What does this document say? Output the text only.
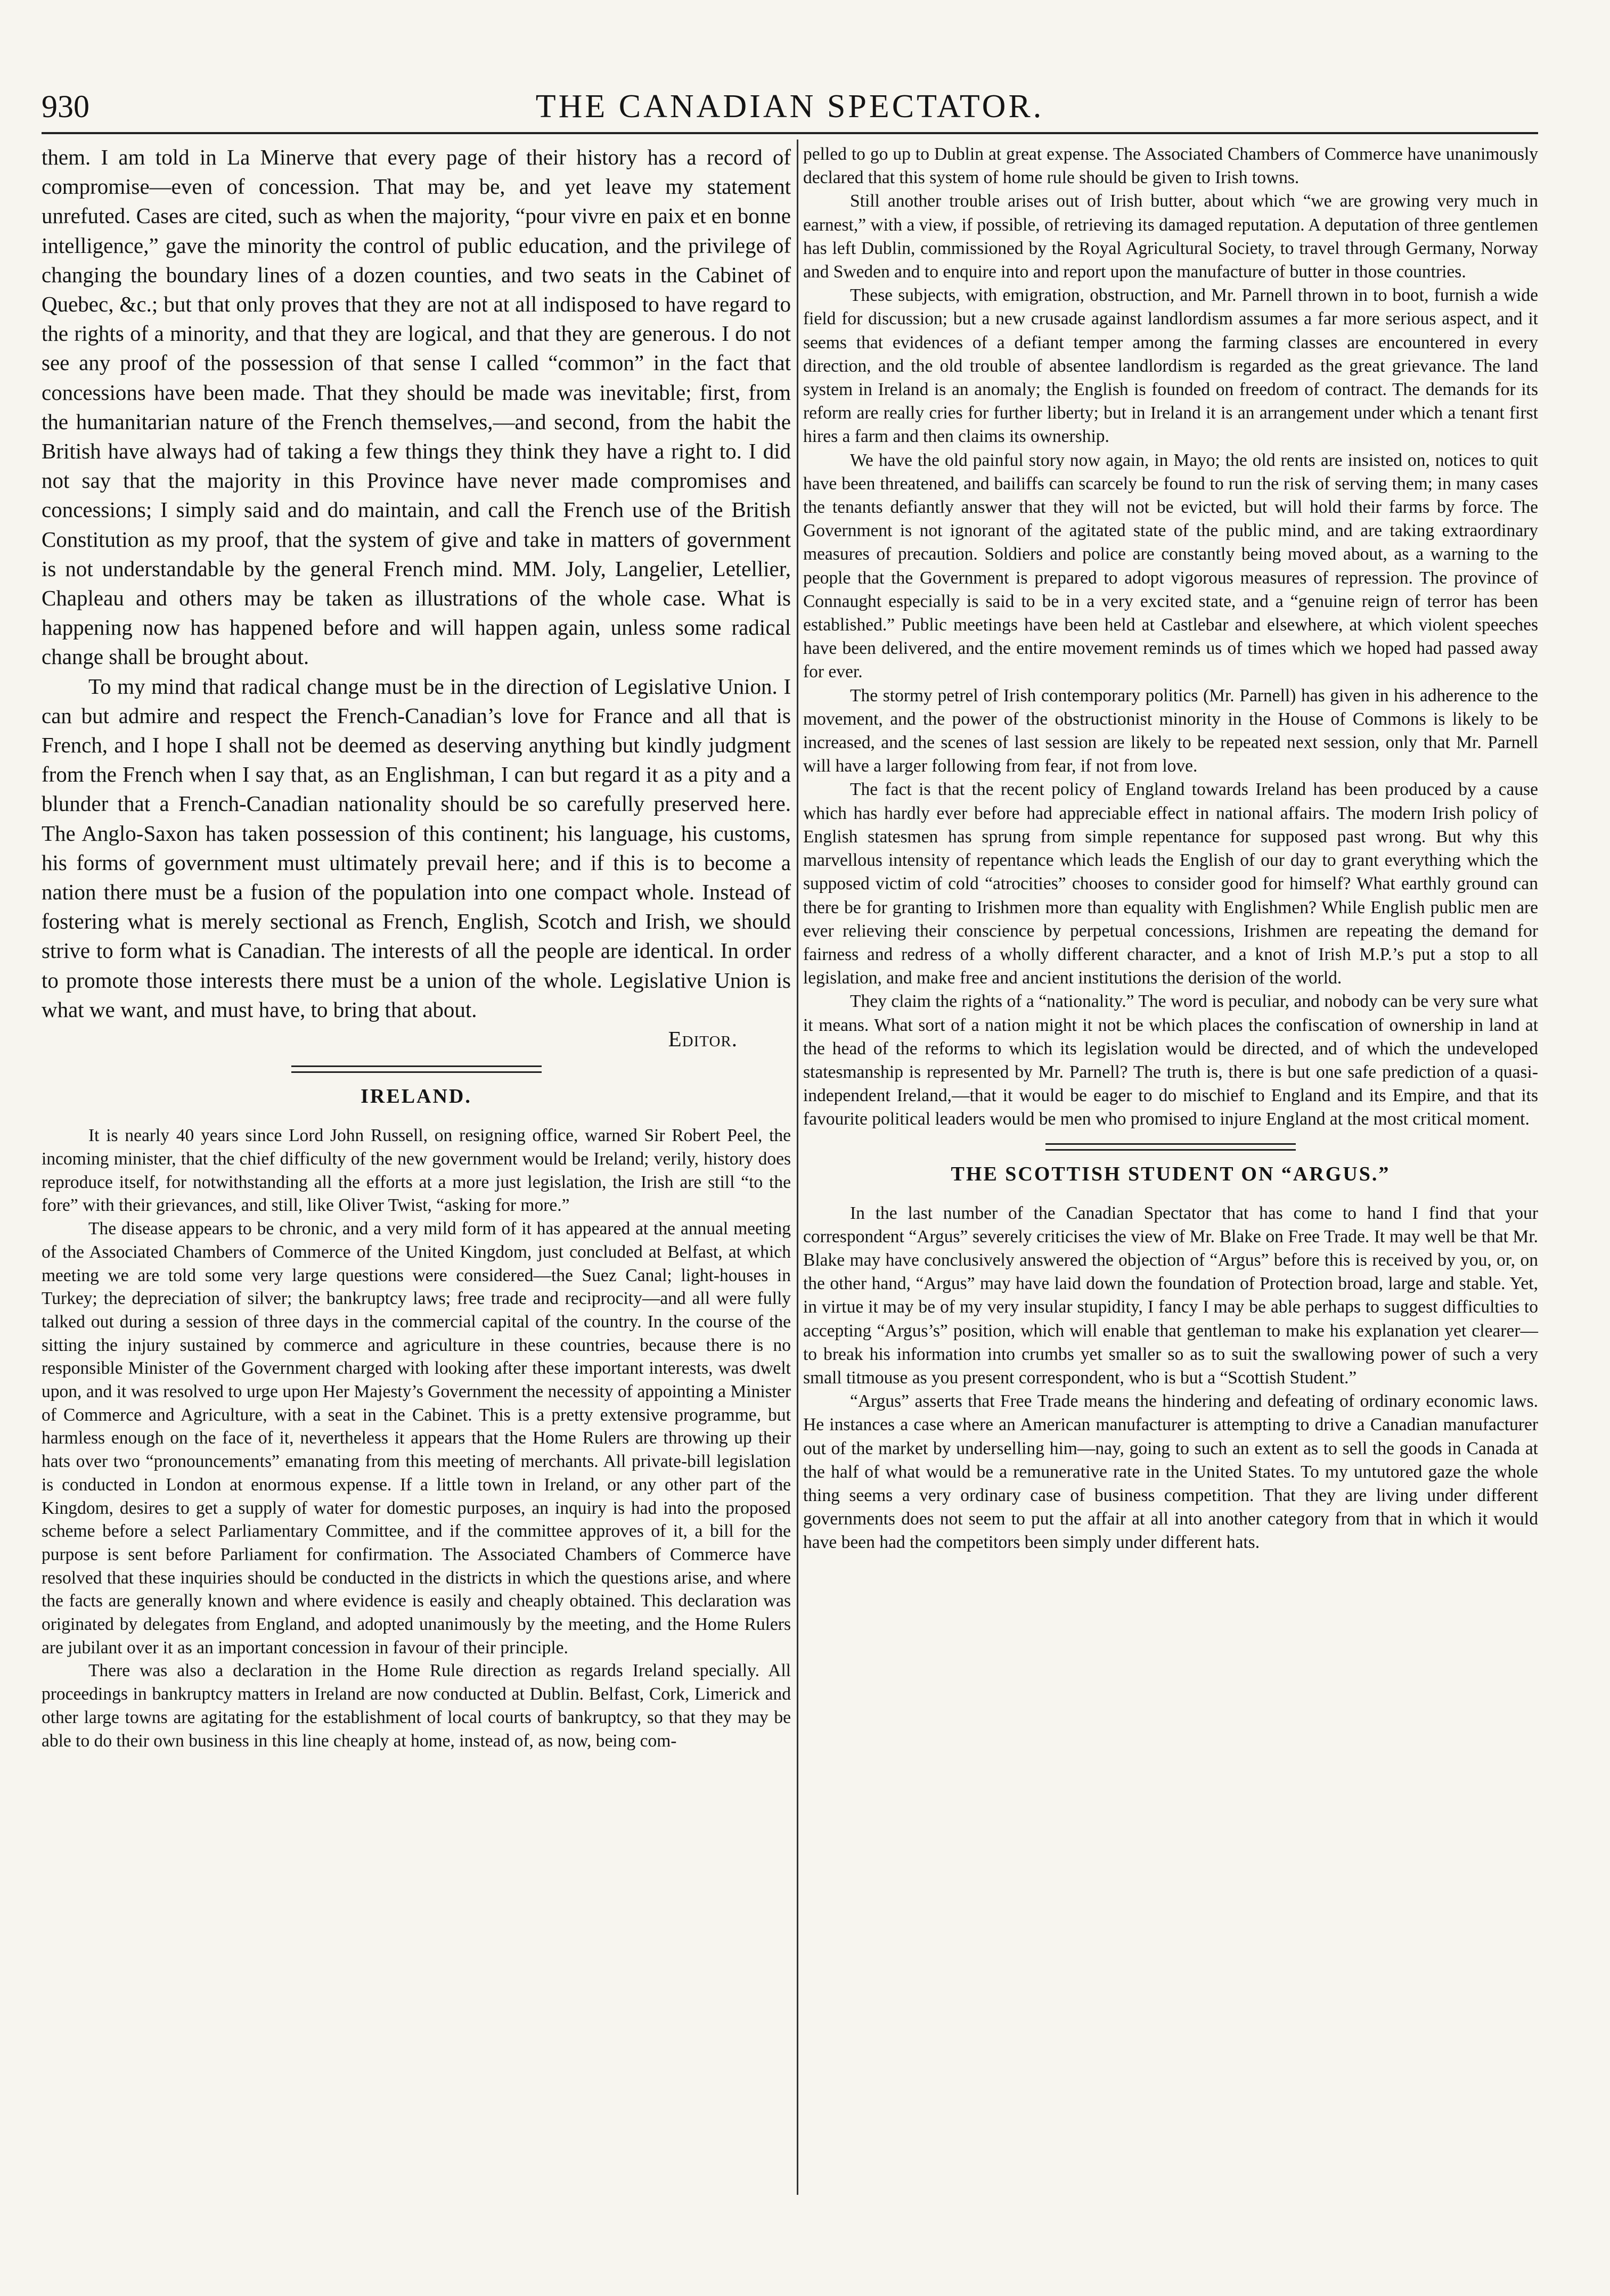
930	THE CANADIAN SPECTATOR.

them. I am told in La Minerve that every page of their history has a record of compromise—even of concession. That may be, and yet leave my statement unrefuted. Cases are cited, such as when the majority, “pour vivre en paix et en bonne intelligence,” gave the minority the control of public education, and the privilege of changing the boundary lines of a dozen counties, and two seats in the Cabinet of Quebec, &c.; but that only proves that they are not at all indisposed to have regard to the rights of a minority, and that they are logical, and that they are generous. I do not see any proof of the possession of that sense I called “common” in the fact that concessions have been made. That they should be made was inevitable; first, from the humanitarian nature of the French themselves,—and second, from the habit the British have always had of taking a few things they think they have a right to. I did not say that the majority in this Province have never made compromises and concessions; I simply said and do maintain, and call the French use of the British Constitution as my proof, that the system of give and take in matters of government is not understandable by the general French mind. MM. Joly, Langelier, Letellier, Chapleau and others may be taken as illustrations of the whole case. What is happening now has happened before and will happen again, unless some radical change shall be brought about.

To my mind that radical change must be in the direction of Legislative Union. I can but admire and respect the French-Canadian’s love for France and all that is French, and I hope I shall not be deemed as deserving anything but kindly judgment from the French when I say that, as an Englishman, I can but regard it as a pity and a blunder that a French-Canadian nationality should be so carefully preserved here. The Anglo-Saxon has taken possession of this continent; his language, his customs, his forms of government must ultimately prevail here; and if this is to become a nation there must be a fusion of the population into one compact whole. Instead of fostering what is merely sectional as French, English, Scotch and Irish, we should strive to form what is Canadian. The interests of all the people are identical. In order to promote those interests there must be a union of the whole. Legislative Union is what we want, and must have, to bring that about.

Editor.

IRELAND.

It is nearly 40 years since Lord John Russell, on resigning office, warned Sir Robert Peel, the incoming minister, that the chief difficulty of the new government would be Ireland; verily, history does reproduce itself, for notwithstanding all the efforts at a more just legislation, the Irish are still “to the fore” with their grievances, and still, like Oliver Twist, “asking for more.”

The disease appears to be chronic, and a very mild form of it has appeared at the annual meeting of the Associated Chambers of Commerce of the United Kingdom, just concluded at Belfast, at which meeting we are told some very large questions were considered—the Suez Canal; light-houses in Turkey; the depreciation of silver; the bankruptcy laws; free trade and reciprocity—and all were fully talked out during a session of three days in the commercial capital of the country. In the course of the sitting the injury sustained by commerce and agriculture in these countries, because there is no responsible Minister of the Government charged with looking after these important interests, was dwelt upon, and it was resolved to urge upon Her Majesty’s Government the necessity of appointing a Minister of Commerce and Agriculture, with a seat in the Cabinet. This is a pretty extensive programme, but harmless enough on the face of it, nevertheless it appears that the Home Rulers are throwing up their hats over two “pronouncements” emanating from this meeting of merchants. All private-bill legislation is conducted in London at enormous expense. If a little town in Ireland, or any other part of the Kingdom, desires to get a supply of water for domestic purposes, an inquiry is had into the proposed scheme before a select Parliamentary Committee, and if the committee approves of it, a bill for the purpose is sent before Parliament for confirmation. The Associated Chambers of Commerce have resolved that these inquiries should be conducted in the districts in which the questions arise, and where the facts are generally known and where evidence is easily and cheaply obtained. This declaration was originated by delegates from England, and adopted unanimously by the meeting, and the Home Rulers are jubilant over it as an important concession in favour of their principle.

There was also a declaration in the Home Rule direction as regards Ireland specially. All proceedings in bankruptcy matters in Ireland are now conducted at Dublin. Belfast, Cork, Limerick and other large towns are agitating for the establishment of local courts of bankruptcy, so that they may be able to do their own business in this line cheaply at home, instead of, as now, being com-

pelled to go up to Dublin at great expense. The Associated Chambers of Commerce have unanimously declared that this system of home rule should be given to Irish towns.

Still another trouble arises out of Irish butter, about which “we are growing very much in earnest,” with a view, if possible, of retrieving its damaged reputation. A deputation of three gentlemen has left Dublin, commissioned by the Royal Agricultural Society, to travel through Germany, Norway and Sweden and to enquire into and report upon the manufacture of butter in those countries.

These subjects, with emigration, obstruction, and Mr. Parnell thrown in to boot, furnish a wide field for discussion; but a new crusade against landlordism assumes a far more serious aspect, and it seems that evidences of a defiant temper among the farming classes are encountered in every direction, and the old trouble of absentee landlordism is regarded as the great grievance. The land system in Ireland is an anomaly; the English is founded on freedom of contract. The demands for its reform are really cries for further liberty; but in Ireland it is an arrangement under which a tenant first hires a farm and then claims its ownership.

We have the old painful story now again, in Mayo; the old rents are insisted on, notices to quit have been threatened, and bailiffs can scarcely be found to run the risk of serving them; in many cases the tenants defiantly answer that they will not be evicted, but will hold their farms by force. The Government is not ignorant of the agitated state of the public mind, and are taking extraordinary measures of precaution. Soldiers and police are constantly being moved about, as a warning to the people that the Government is prepared to adopt vigorous measures of repression. The province of Connaught especially is said to be in a very excited state, and a “genuine reign of terror has been established.” Public meetings have been held at Castlebar and elsewhere, at which violent speeches have been delivered, and the entire movement reminds us of times which we hoped had passed away for ever.

The stormy petrel of Irish contemporary politics (Mr. Parnell) has given in his adherence to the movement, and the power of the obstructionist minority in the House of Commons is likely to be increased, and the scenes of last session are likely to be repeated next session, only that Mr. Parnell will have a larger following from fear, if not from love.

The fact is that the recent policy of England towards Ireland has been produced by a cause which has hardly ever before had appreciable effect in national affairs. The modern Irish policy of English statesmen has sprung from simple repentance for supposed past wrong. But why this marvellous intensity of repentance which leads the English of our day to grant everything which the supposed victim of cold “atrocities” chooses to consider good for himself? What earthly ground can there be for granting to Irishmen more than equality with Englishmen? While English public men are ever relieving their conscience by perpetual concessions, Irishmen are repeating the demand for fairness and redress of a wholly different character, and a knot of Irish M.P.’s put a stop to all legislation, and make free and ancient institutions the derision of the world.

They claim the rights of a “nationality.” The word is peculiar, and nobody can be very sure what it means. What sort of a nation might it not be which places the confiscation of ownership in land at the head of the reforms to which its legislation would be directed, and of which the undeveloped statesmanship is represented by Mr. Parnell? The truth is, there is but one safe prediction of a quasi-independent Ireland,—that it would be eager to do mischief to England and its Empire, and that its favourite political leaders would be men who promised to injure England at the most critical moment.

THE SCOTTISH STUDENT ON “ARGUS.”

In the last number of the Canadian Spectator that has come to hand I find that your correspondent “Argus” severely criticises the view of Mr. Blake on Free Trade. It may well be that Mr. Blake may have conclusively answered the objection of “Argus” before this is received by you, or, on the other hand, “Argus” may have laid down the foundation of Protection broad, large and stable. Yet, in virtue it may be of my very insular stupidity, I fancy I may be able perhaps to suggest difficulties to accepting “Argus’s” position, which will enable that gentleman to make his explanation yet clearer—to break his information into crumbs yet smaller so as to suit the swallowing power of such a very small titmouse as you present correspondent, who is but a “Scottish Student.”

“Argus” asserts that Free Trade means the hindering and defeating of ordinary economic laws. He instances a case where an American manufacturer is attempting to drive a Canadian manufacturer out of the market by underselling him—nay, going to such an extent as to sell the goods in Canada at the half of what would be a remunerative rate in the United States. To my untutored gaze the whole thing seems a very ordinary case of business competition. That they are living under different governments does not seem to put the affair at all into another category from that in which it would have been had the competitors been simply under different hats.
